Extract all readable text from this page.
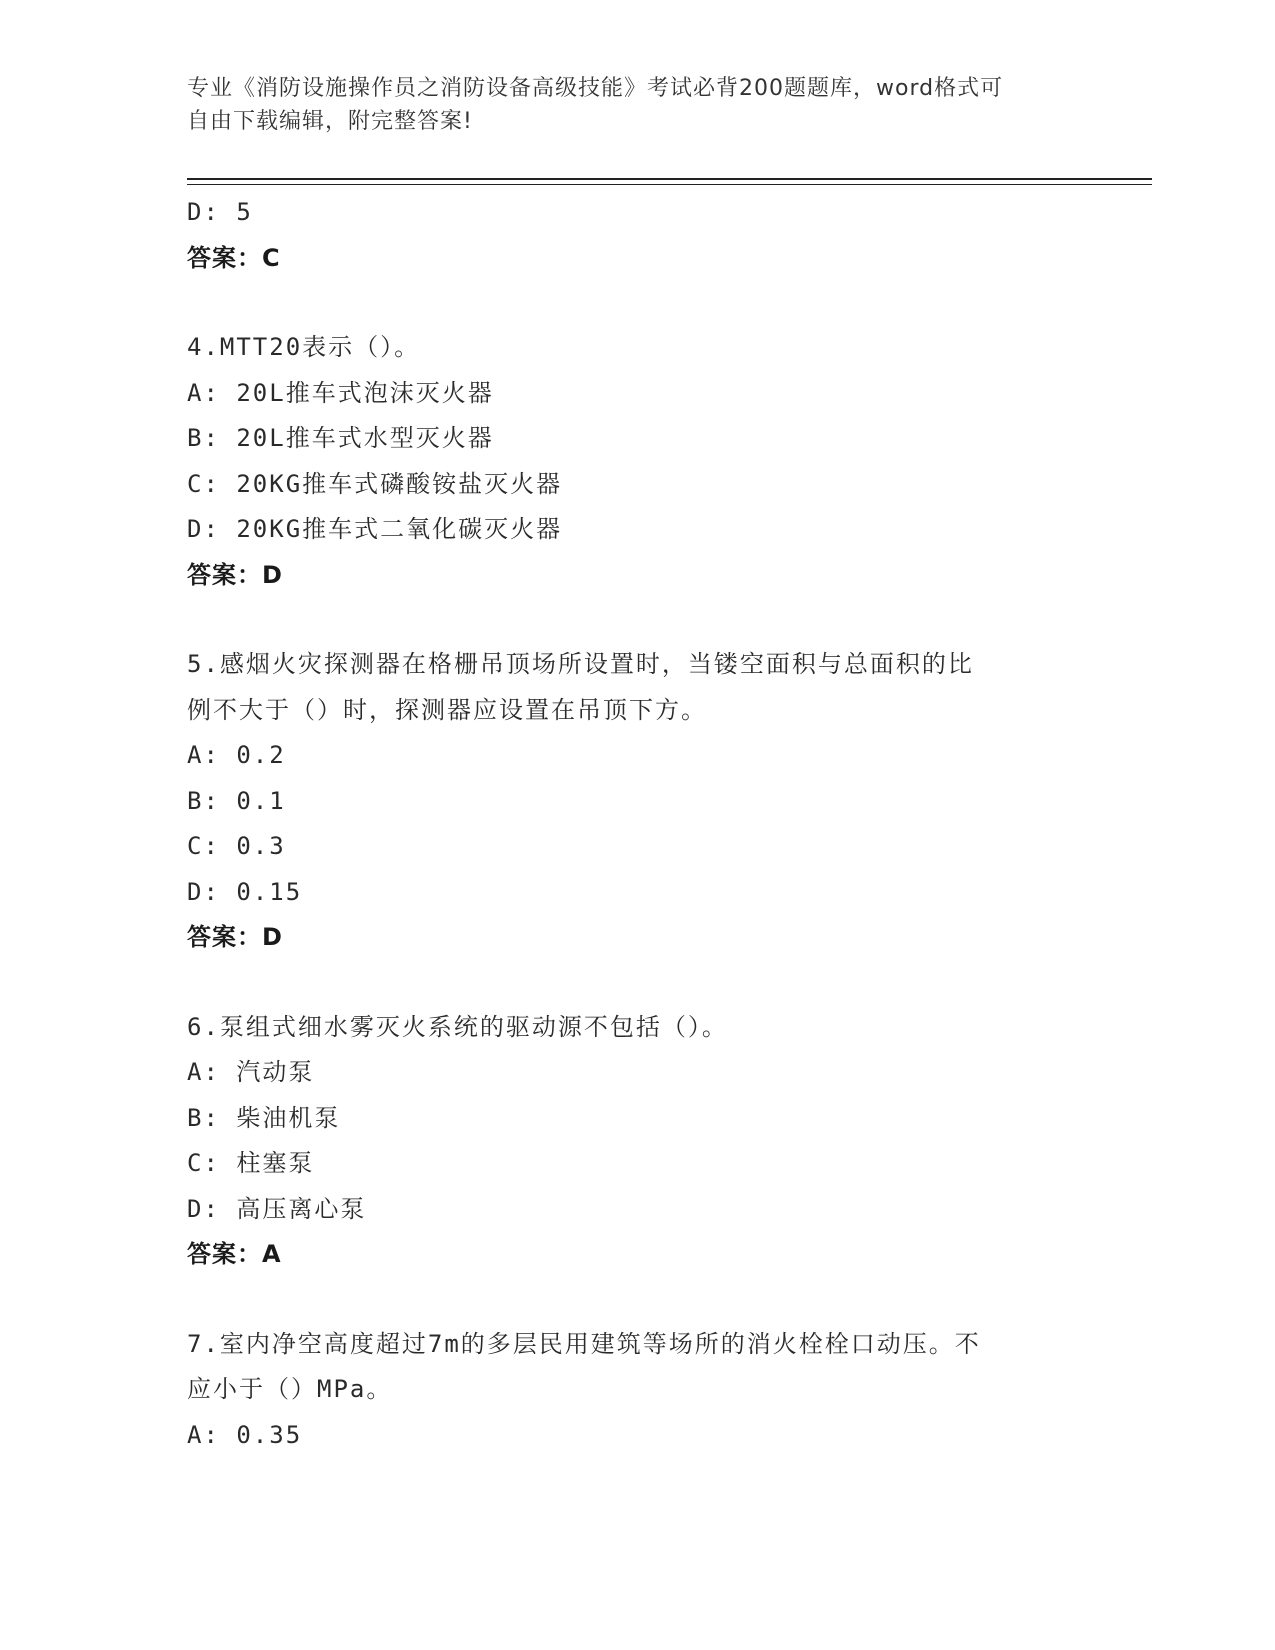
专业《消防设施操作员之消防设备高级技能》考试必背200题题库，word格式可
自由下载编辑，附完整答案!
D: 5
答案：C
4.MTT20表示（）。
A: 20L推车式泡沫灭火器
B: 20L推车式水型灭火器
C: 20KG推车式磷酸铵盐灭火器
D: 20KG推车式二氧化碳灭火器
答案：D
5.感烟火灾探测器在格栅吊顶场所设置时，当镂空面积与总面积的比
例不大于（）时，探测器应设置在吊顶下方。
A: 0.2
B: 0.1
C: 0.3
D: 0.15
答案：D
6.泵组式细水雾灭火系统的驱动源不包括（）。
A: 汽动泵
B: 柴油机泵
C: 柱塞泵
D: 高压离心泵
答案：A
7.室内净空高度超过7m的多层民用建筑等场所的消火栓栓口动压。不
应小于（）MPa。
A: 0.35
